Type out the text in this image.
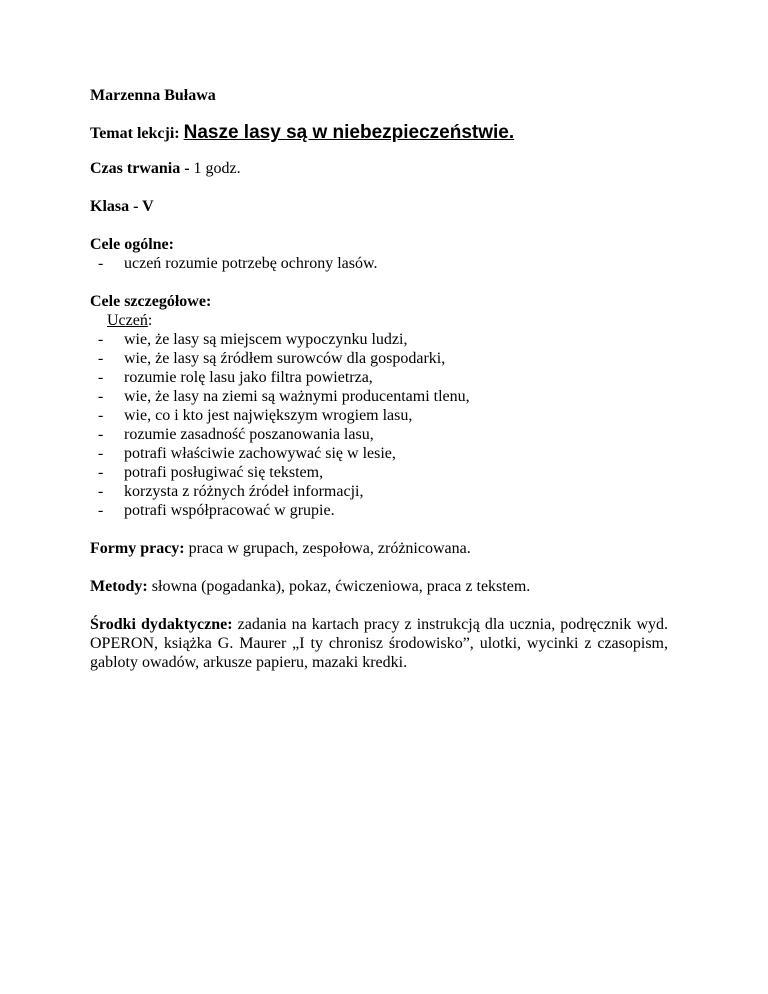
Marzenna Buława

Temat lekcji: Nasze lasy są w niebezpieczeństwie.

Czas trwania - 1 godz.

Klasa - V

Cele ogólne:

- uczeń rozumie potrzebę ochrony lasów.

Cele szczegółowe:

Uczeń:

- wie, że lasy są miejscem wypoczynku ludzi,
- wie, że lasy są źródłem surowców dla gospodarki,
- rozumie rolę lasu jako filtra powietrza,
- wie, że lasy na ziemi są ważnymi producentami tlenu,
- wie, co i kto jest największym wrogiem lasu,
- rozumie zasadność poszanowania lasu,
- potrafi właściwie zachowywać się w lesie,
- potrafi posługiwać się tekstem,
- korzysta z różnych źródeł informacji,
- potrafi współpracować w grupie.

Formy pracy: praca w grupach, zespołowa, zróżnicowana.

Metody: słowna (pogadanka), pokaz, ćwiczeniowa, praca z tekstem.

Środki dydaktyczne: zadania na kartach pracy z instrukcją dla ucznia, podręcznik wyd. OPERON, książka G. Maurer „I ty chronisz środowisko”, ulotki, wycinki z czasopism, gabloty owadów, arkusze papieru, mazaki kredki.
